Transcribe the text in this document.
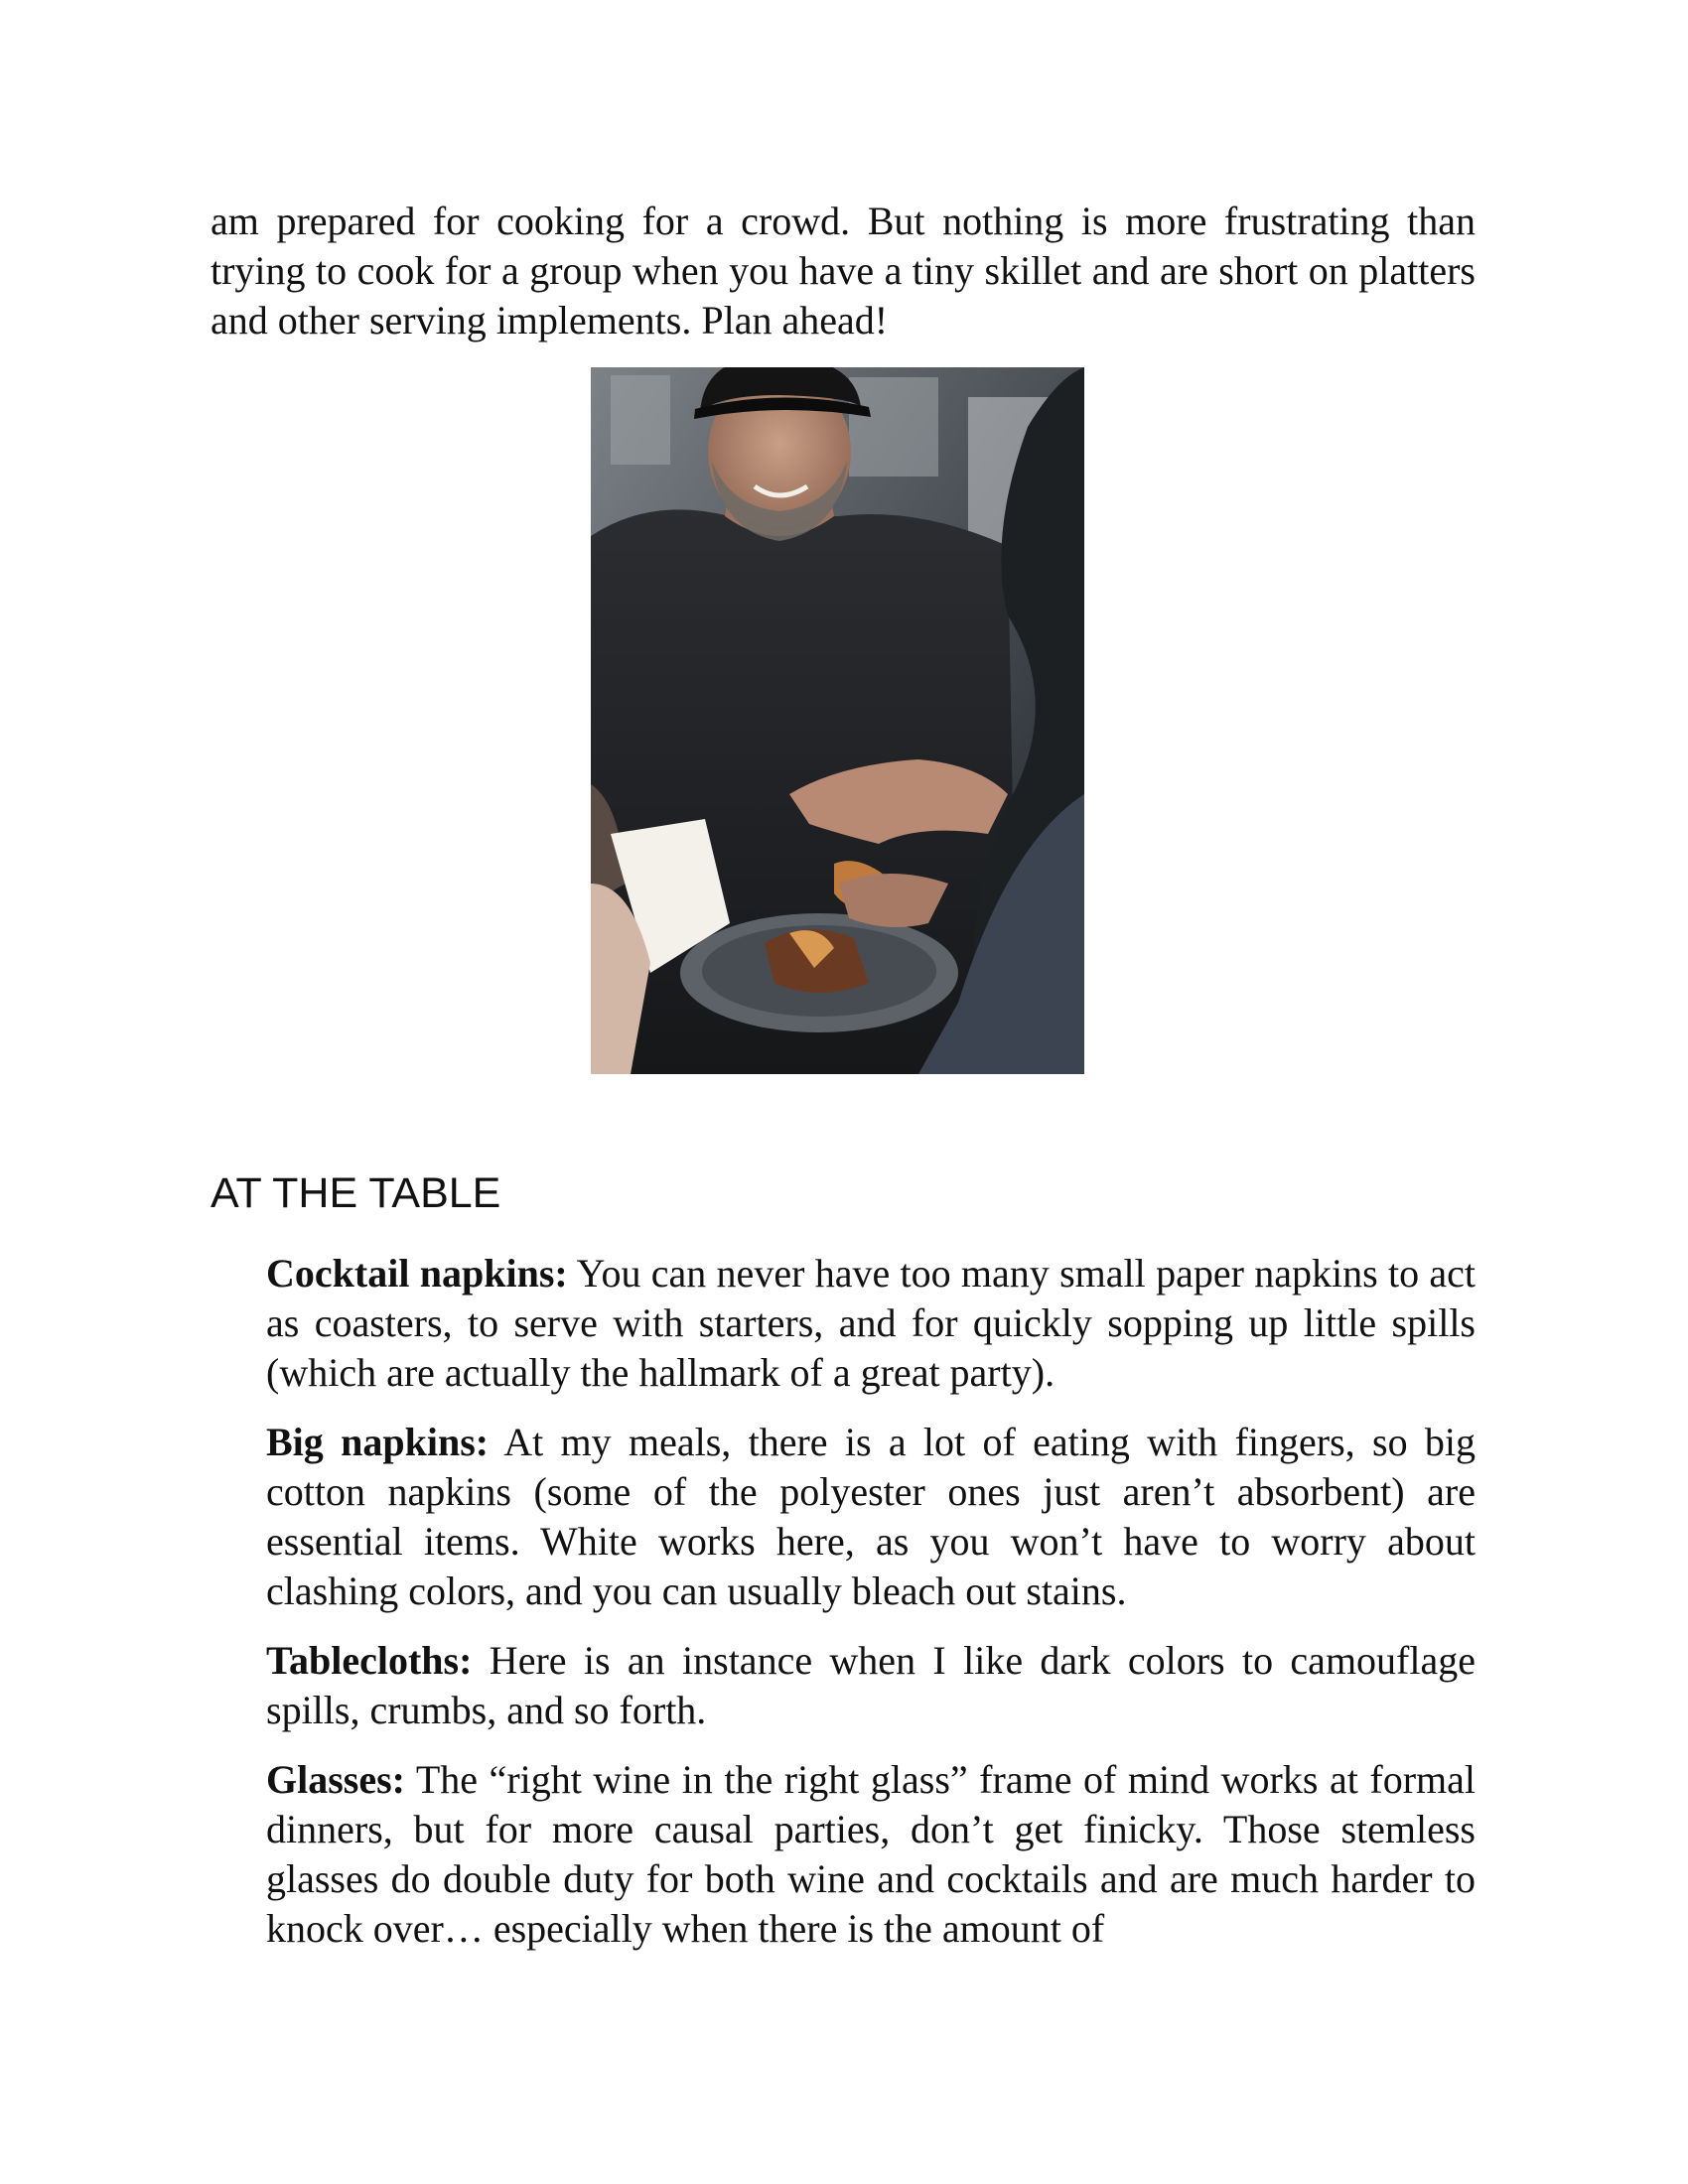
am prepared for cooking for a crowd. But nothing is more frustrating than trying to cook for a group when you have a tiny skillet and are short on platters and other serving implements. Plan ahead!

AT THE TABLE

Cocktail napkins: You can never have too many small paper napkins to act as coasters, to serve with starters, and for quickly sopping up little spills (which are actually the hallmark of a great party).

Big napkins: At my meals, there is a lot of eating with fingers, so big cotton napkins (some of the polyester ones just aren’t absorbent) are essential items. White works here, as you won’t have to worry about clashing colors, and you can usually bleach out stains.

Tablecloths: Here is an instance when I like dark colors to camouflage spills, crumbs, and so forth.

Glasses: The “right wine in the right glass” frame of mind works at formal dinners, but for more causal parties, don’t get finicky. Those stemless glasses do double duty for both wine and cocktails and are much harder to knock over… especially when there is the amount of
